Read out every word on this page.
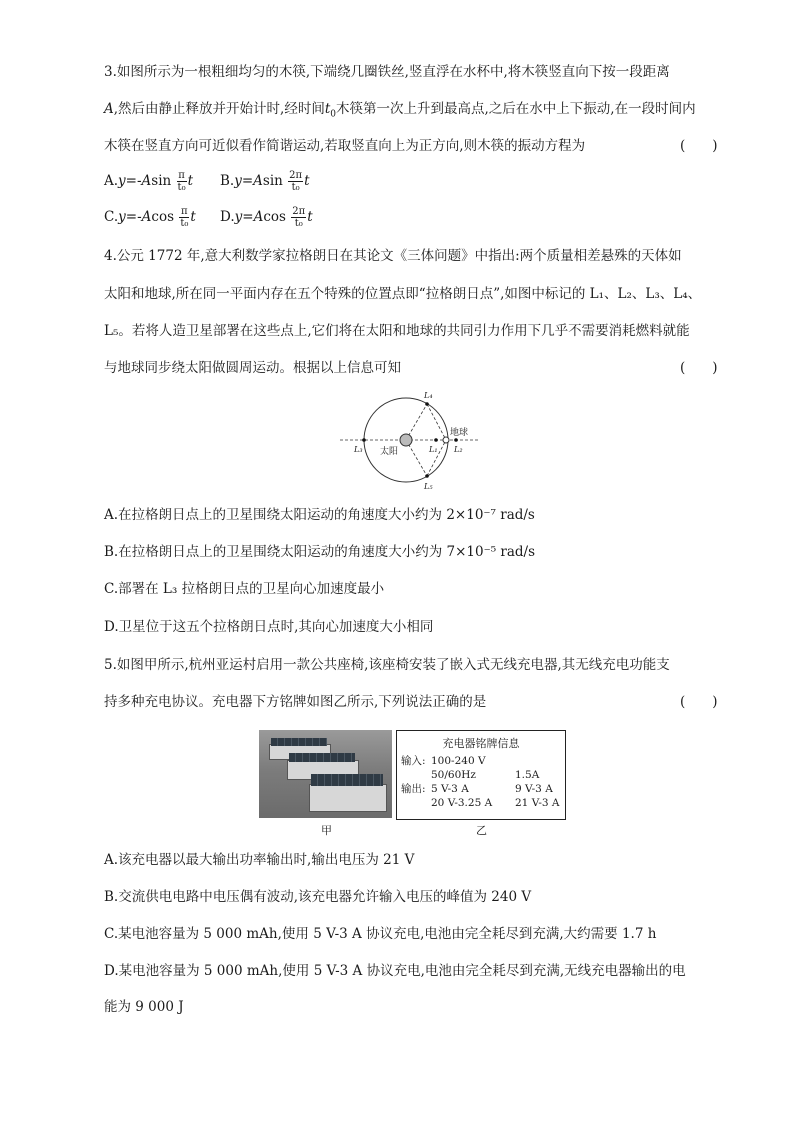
3.如图所示为一根粗细均匀的木筷,下端绕几圈铁丝,竖直浮在水杯中,将木筷竖直向下按一段距离
A,然后由静止释放并开始计时,经时间$t_0$木筷第一次上升到最高点,之后在水中上下振动,在一段时间内
木筷在竖直方向可近似看作简谐运动,若取竖直向上为正方向,则木筷的振动方程为	(　　)
$A.y=-Asin \frac{\pi}{\text{t₀}}$ t $B.y=Asin \frac{2\pi}{\text{t₀}}$ t
$C.y=-Acos \frac{\pi}{\text{t₀}}$ t $D.y=Acos \frac{2\pi}{\text{t₀}}$ t
4.公元 1772 年,意大利数学家拉格朗日在其论文《三体问题》中指出:两个质量相差悬殊的天体如
太阳和地球,所在同一平面内存在五个特殊的位置点即“拉格朗日点”,如图中标记的 L₁、L₂、L₃、L₄、
L₅。若将人造卫星部署在这些点上,它们将在太阳和地球的共同引力作用下几乎不需要消耗燃料就能
与地球同步绕太阳做圆周运动。根据以上信息可知	(　　)
太阳
地球
L₁ L₂
L₃
L₄
L₅
A.在拉格朗日点上的卫星围绕太阳运动的角速度大小约为 2×10⁻⁷ rad/s
B.在拉格朗日点上的卫星围绕太阳运动的角速度大小约为 7×10⁻⁵ rad/s
C.部署在 L₃ 拉格朗日点的卫星向心加速度最小
D.卫星位于这五个拉格朗日点时,其向心加速度大小相同
5.如图甲所示,杭州亚运村启用一款公共座椅,该座椅安装了嵌入式无线充电器,其无线充电功能支
持多种充电协议。充电器下方铭牌如图乙所示,下列说法正确的是	(　　)
充电器铭牌信息
输入: 100-240 V
50/60Hz	1.5A
输出: 5 V-3 A	9 V-3 A
20 V-3.25 A 21 V-3 A
甲	乙
A.该充电器以最大输出功率输出时,输出电压为 21 V
B.交流供电电路中电压偶有波动,该充电器允许输入电压的峰值为 240 V
C.某电池容量为 5 000 mAh,使用 5 V-3 A 协议充电,电池由完全耗尽到充满,大约需要 1.7 h
D.某电池容量为 5 000 mAh,使用 5 V-3 A 协议充电,电池由完全耗尽到充满,无线充电器输出的电
能为 9 000 J
